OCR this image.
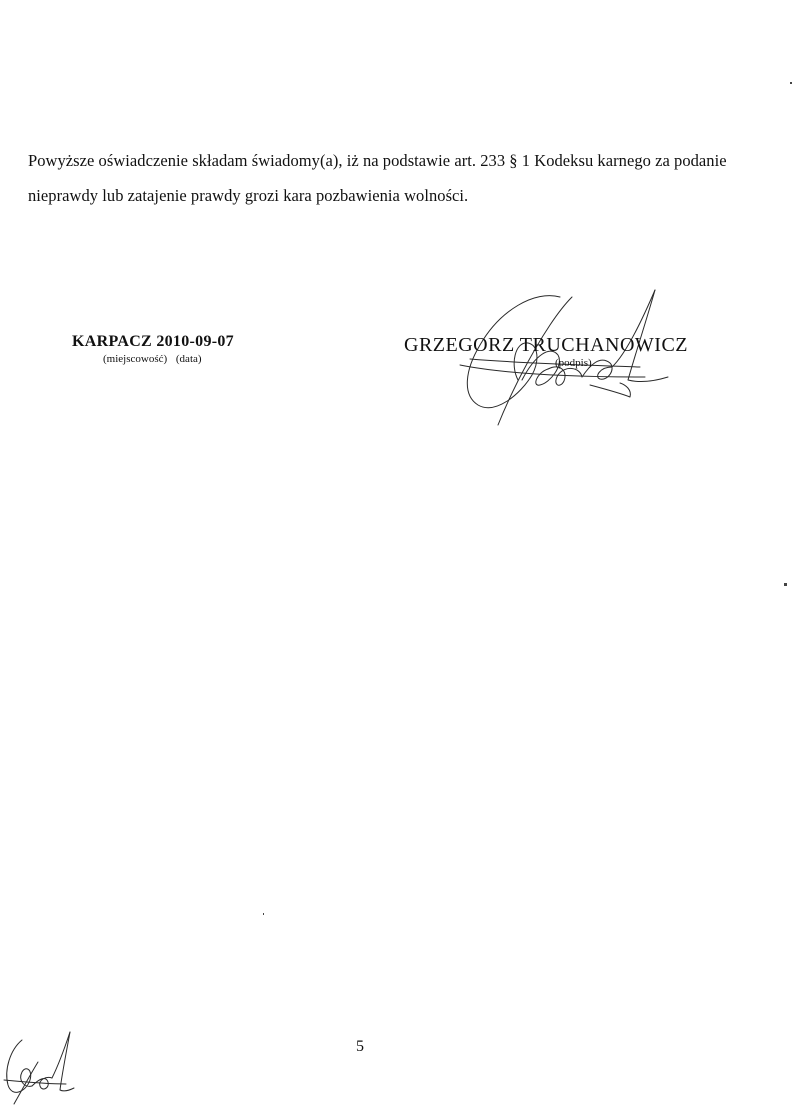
Powyższe oświadczenie składam świadomy(a), iż na podstawie art. 233 § 1 Kodeksu karnego za podanie

nieprawdy lub zatajenie prawdy grozi kara pozbawienia wolności.

KARPACZ 2010-09-07
(miejscowość) (data)
GRZEGORZ TRUCHANOWICZ
(podpis)
5
